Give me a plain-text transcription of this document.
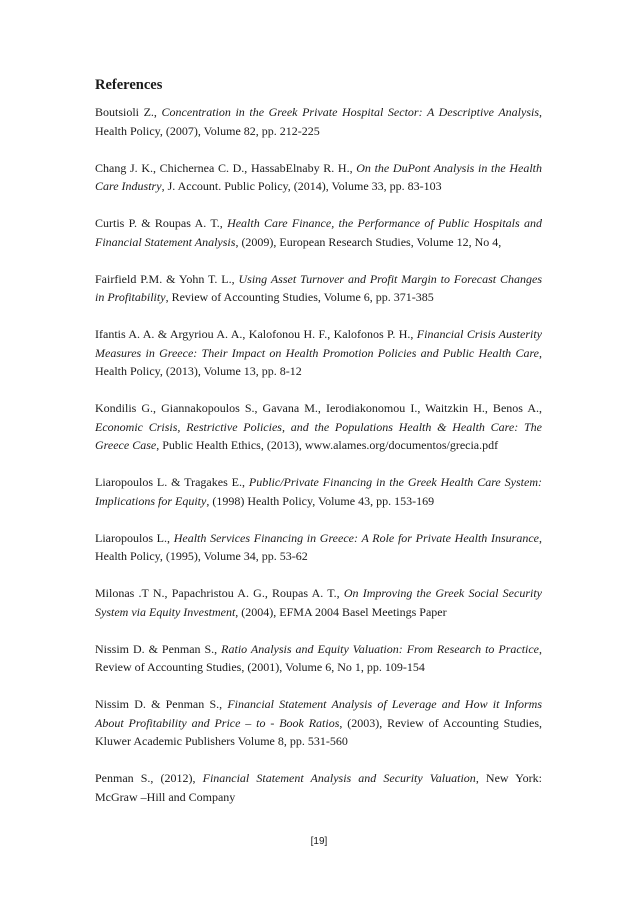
References

Boutsioli Z., Concentration in the Greek Private Hospital Sector: A Descriptive Analysis, Health Policy, (2007), Volume 82, pp. 212-225

Chang J. K., Chichernea C. D., HassabElnaby R. H., On the DuPont Analysis in the Health Care Industry, J. Account. Public Policy, (2014), Volume 33, pp. 83-103

Curtis P. & Roupas A. T., Health Care Finance, the Performance of Public Hospitals and Financial Statement Analysis, (2009), European Research Studies, Volume 12, No 4,

Fairfield P.M. & Yohn T. L., Using Asset Turnover and Profit Margin to Forecast Changes in Profitability, Review of Accounting Studies, Volume 6, pp. 371-385

Ifantis A. A. & Argyriou A. A., Kalofonou H. F., Kalofonos P. H., Financial Crisis Austerity Measures in Greece: Their Impact on Health Promotion Policies and Public Health Care, Health Policy, (2013), Volume 13, pp. 8-12

Kondilis G., Giannakopoulos S., Gavana M., Ierodiakonomou I., Waitzkin H., Benos A., Economic Crisis, Restrictive Policies, and the Populations Health & Health Care: The Greece Case, Public Health Ethics, (2013), www.alames.org/documentos/grecia.pdf

Liaropoulos L. & Tragakes E., Public/Private Financing in the Greek Health Care System: Implications for Equity, (1998) Health Policy, Volume 43, pp. 153-169

Liaropoulos L., Health Services Financing in Greece: A Role for Private Health Insurance, Health Policy, (1995), Volume 34, pp. 53-62

Milonas .T N., Papachristou A. G., Roupas A. T., On Improving the Greek Social Security System via Equity Investment, (2004), EFMA 2004 Basel Meetings Paper

Nissim D. & Penman S., Ratio Analysis and Equity Valuation: From Research to Practice, Review of Accounting Studies, (2001), Volume 6, No 1, pp. 109-154

Nissim D. & Penman S., Financial Statement Analysis of Leverage and How it Informs About Profitability and Price – to - Book Ratios, (2003), Review of Accounting Studies, Kluwer Academic Publishers Volume 8, pp. 531-560

Penman S., (2012), Financial Statement Analysis and Security Valuation, New York: McGraw –Hill and Company

[19]
